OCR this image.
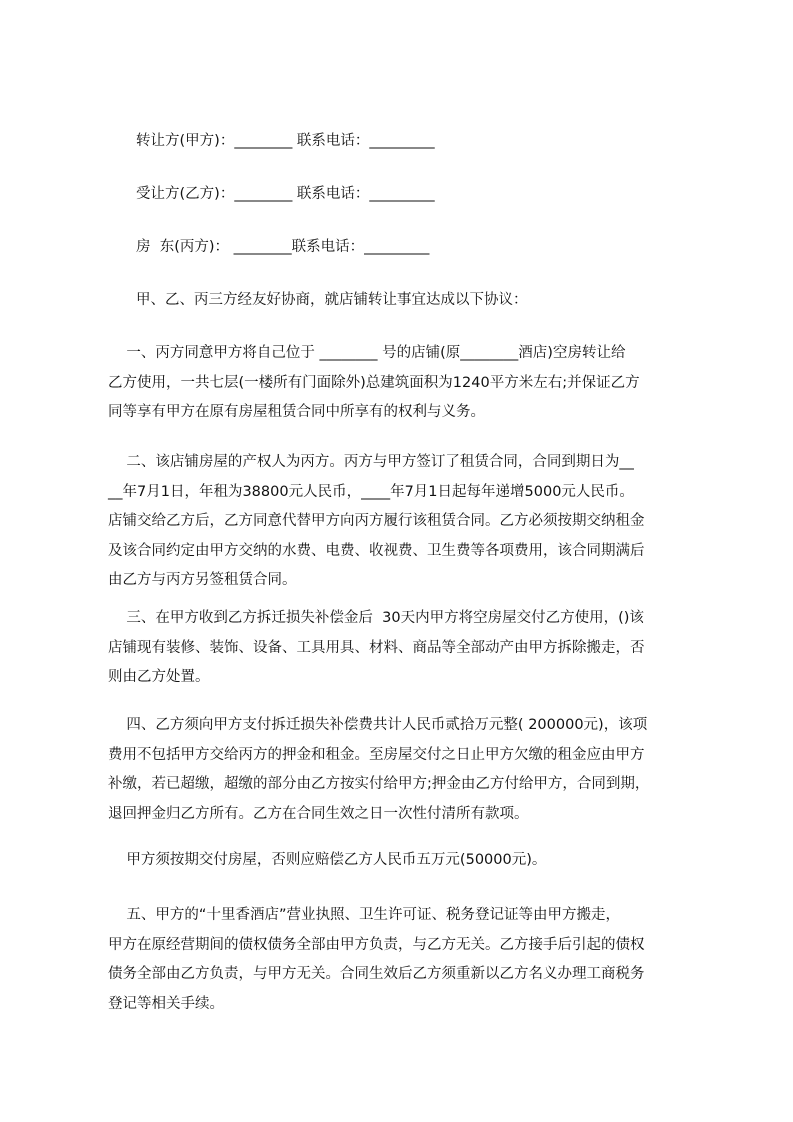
转让方(甲方)：________ 联系电话：_________
受让方(乙方)：________ 联系电话：_________
房  东(丙方)： ________联系电话：_________
甲、乙、丙三方经友好协商，就店铺转让事宜达成以下协议：
一、丙方同意甲方将自己位于 ________ 号的店铺(原________酒店)空房转让给
乙方使用，一共七层(一楼所有门面除外)总建筑面积为1240平方米左右;并保证乙方
同等享有甲方在原有房屋租赁合同中所享有的权利与义务。
二、该店铺房屋的产权人为丙方。丙方与甲方签订了租赁合同，合同到期日为__
__年7月1日，年租为38800元人民币，____年7月1日起每年递增5000元人民币。
店铺交给乙方后，乙方同意代替甲方向丙方履行该租赁合同。乙方必须按期交纳租金
及该合同约定由甲方交纳的水费、电费、收视费、卫生费等各项费用，该合同期满后
由乙方与丙方另签租赁合同。
三、在甲方收到乙方拆迁损失补偿金后  30天内甲方将空房屋交付乙方使用，()该
店铺现有装修、装饰、设备、工具用具、材料、商品等全部动产由甲方拆除搬走，否
则由乙方处置。
四、乙方须向甲方支付拆迁损失补偿费共计人民币贰拾万元整( 200000元)，该项
费用不包括甲方交给丙方的押金和租金。至房屋交付之日止甲方欠缴的租金应由甲方
补缴，若已超缴，超缴的部分由乙方按实付给甲方;押金由乙方付给甲方，合同到期，
退回押金归乙方所有。乙方在合同生效之日一次性付清所有款项。
甲方须按期交付房屋，否则应赔偿乙方人民币五万元(50000元)。
五、甲方的“十里香酒店”营业执照、卫生许可证、税务登记证等由甲方搬走，
甲方在原经营期间的债权债务全部由甲方负责，与乙方无关。乙方接手后引起的债权
债务全部由乙方负责，与甲方无关。合同生效后乙方须重新以乙方名义办理工商税务
登记等相关手续。
